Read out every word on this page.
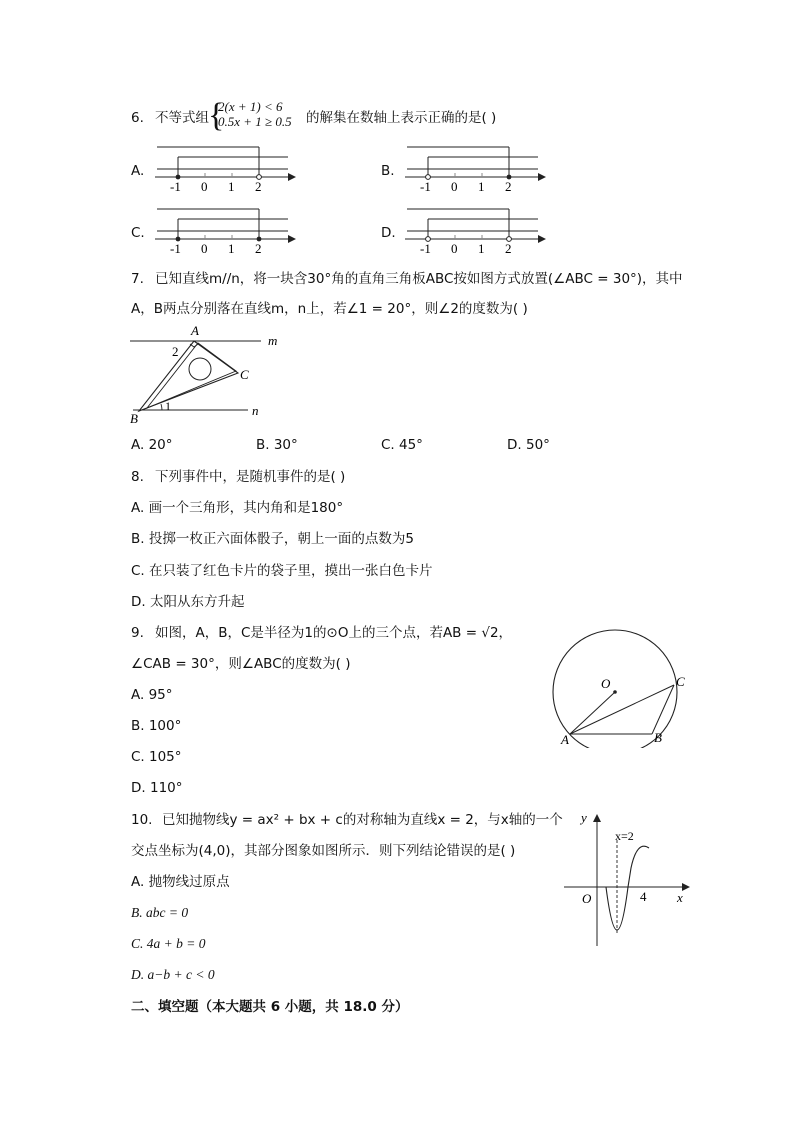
6. 不等式组 {
2(x + 1) < 6
0.5x + 1 ≥ 0.5 的解集在数轴上表示正确的是( )
A.
-1 0 1 2
B.
-1 0 1 2
C.
-1 0 1 2
D.
-1 0 1 2
7. 已知直线m//n，将一块含30°角的直角三角板ABC按如图方式放置(∠ABC = 30°)，其中
A，B两点分别落在直线m，n上，若∠1 = 20°，则∠2的度数为( )
A
2
C
B
1
m
n
A. 20°	B. 30°	C. 45°	D. 50°
8. 下列事件中，是随机事件的是( )
A. 画一个三角形，其内角和是180°
B. 投掷一枚正六面体骰子，朝上一面的点数为5
C. 在只装了红色卡片的袋子里，摸出一张白色卡片
D. 太阳从东方升起
9. 如图，A，B，C是半径为1的⊙O上的三个点，若AB = √2，
∠CAB = 30°，则∠ABC的度数为( )
A. 95°
B. 100°
C. 105°
D. 110°
O	C
A	B
10. 已知抛物线y = ax² + bx + c的对称轴为直线x = 2，与x轴的一个
交点坐标为(4,0)，其部分图象如图所示．则下列结论错误的是( )
A. 抛物线过原点
B. abc = 0
C. 4a + b = 0
D. a−b + c < 0
y
x
O	4
x=2
二、填空题（本大题共 6 小题，共 18.0 分）
